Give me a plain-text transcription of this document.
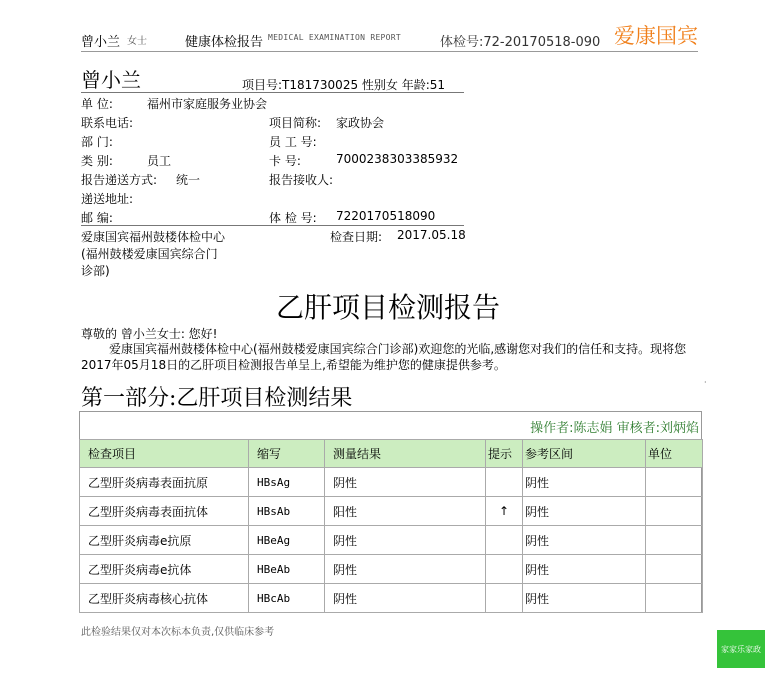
曾小兰 女士	健康体检报告 MEDICAL EXAMINATION REPORT	体检号:72-20170518-090 爱康国宾
曾小兰	项目号:T181730025 性别女 年龄:51
单 位:	福州市家庭服务业协会
联系电话:	项目简称: 家政协会
部 门:	员 工 号:
类 别:	员工	卡 号:	7000238303385932
报告递送方式: 统一	报告接收人:
递送地址:
邮 编:	体 检 号: 7220170518090
爱康国宾福州鼓楼体检中心
(福州鼓楼爱康国宾综合门
诊部)
检查日期: 2017.05.18
乙肝项目检测报告
尊敬的 曾小兰女士: 您好!
爱康国宾福州鼓楼体检中心(福州鼓楼爱康国宾综合门诊部)欢迎您的光临,感谢您对我们的信任和支持。现将您2017年05月18日的乙肝项目检测报告单呈上,希望能为维护您的健康提供参考。
第一部分:乙肝项目检测结果
·
操作者:陈志娟 审核者:刘炳焰
检查项目	缩写	测量结果	提示	参考区间	单位
乙型肝炎病毒表面抗原	HBsAg	阴性		阴性	
乙型肝炎病毒表面抗体	HBsAb	阳性	↑	阴性	
乙型肝炎病毒e抗原	HBeAg	阴性		阴性	
乙型肝炎病毒e抗体	HBeAb	阴性		阴性	
乙型肝炎病毒核心抗体	HBcAb	阴性		阴性	
此检验结果仅对本次标本负责,仅供临床参考
家家乐家政
